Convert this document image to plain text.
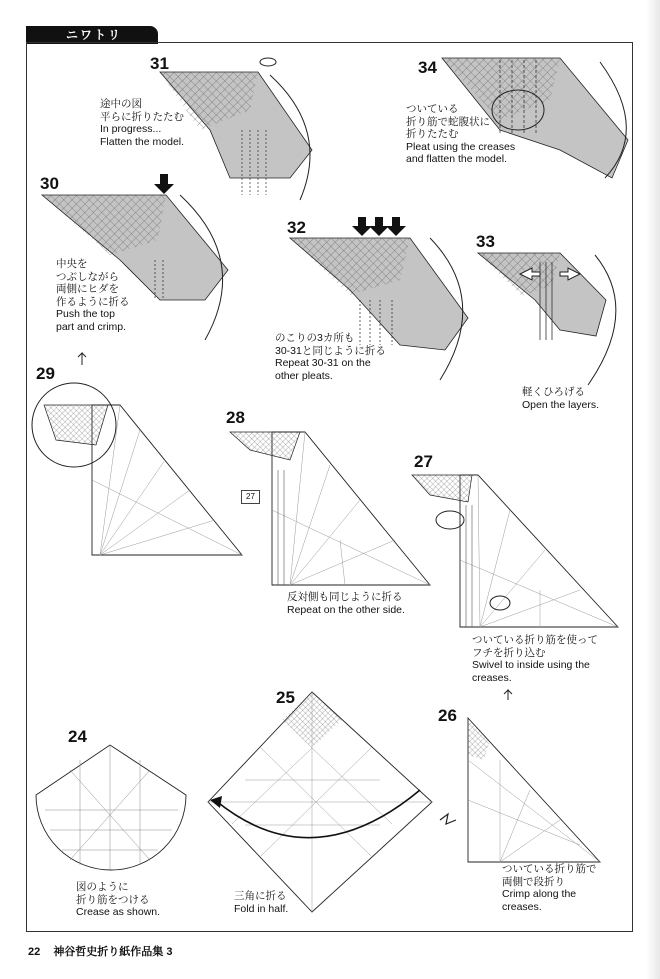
ニワトリ
31	34
30
32
33
29
28
27
25
26
24
27
途中の図
平らに折りたたむ
In progress...
Flatten the model.
ついている
折り筋で蛇腹状に
折りたたむ
Pleat using the creases
and flatten the model.
中央を
つぶしながら
両側にヒダを
作るように折る
Push the top
part and crimp.
のこりの3カ所も
30-31と同じように折る
Repeat 30-31 on the
other pleats.
軽くひろげる
Open the layers.
反対側も同じように折る
Repeat on the other side.
ついている折り筋を使って
フチを折り込む
Swivel to inside using the
creases.
ついている折り筋で
両側で段折り
Crimp along the
creases.
三角に折る
Fold in half.
図のように
折り筋をつける
Crease as shown.
22 神谷哲史折り紙作品集 3
